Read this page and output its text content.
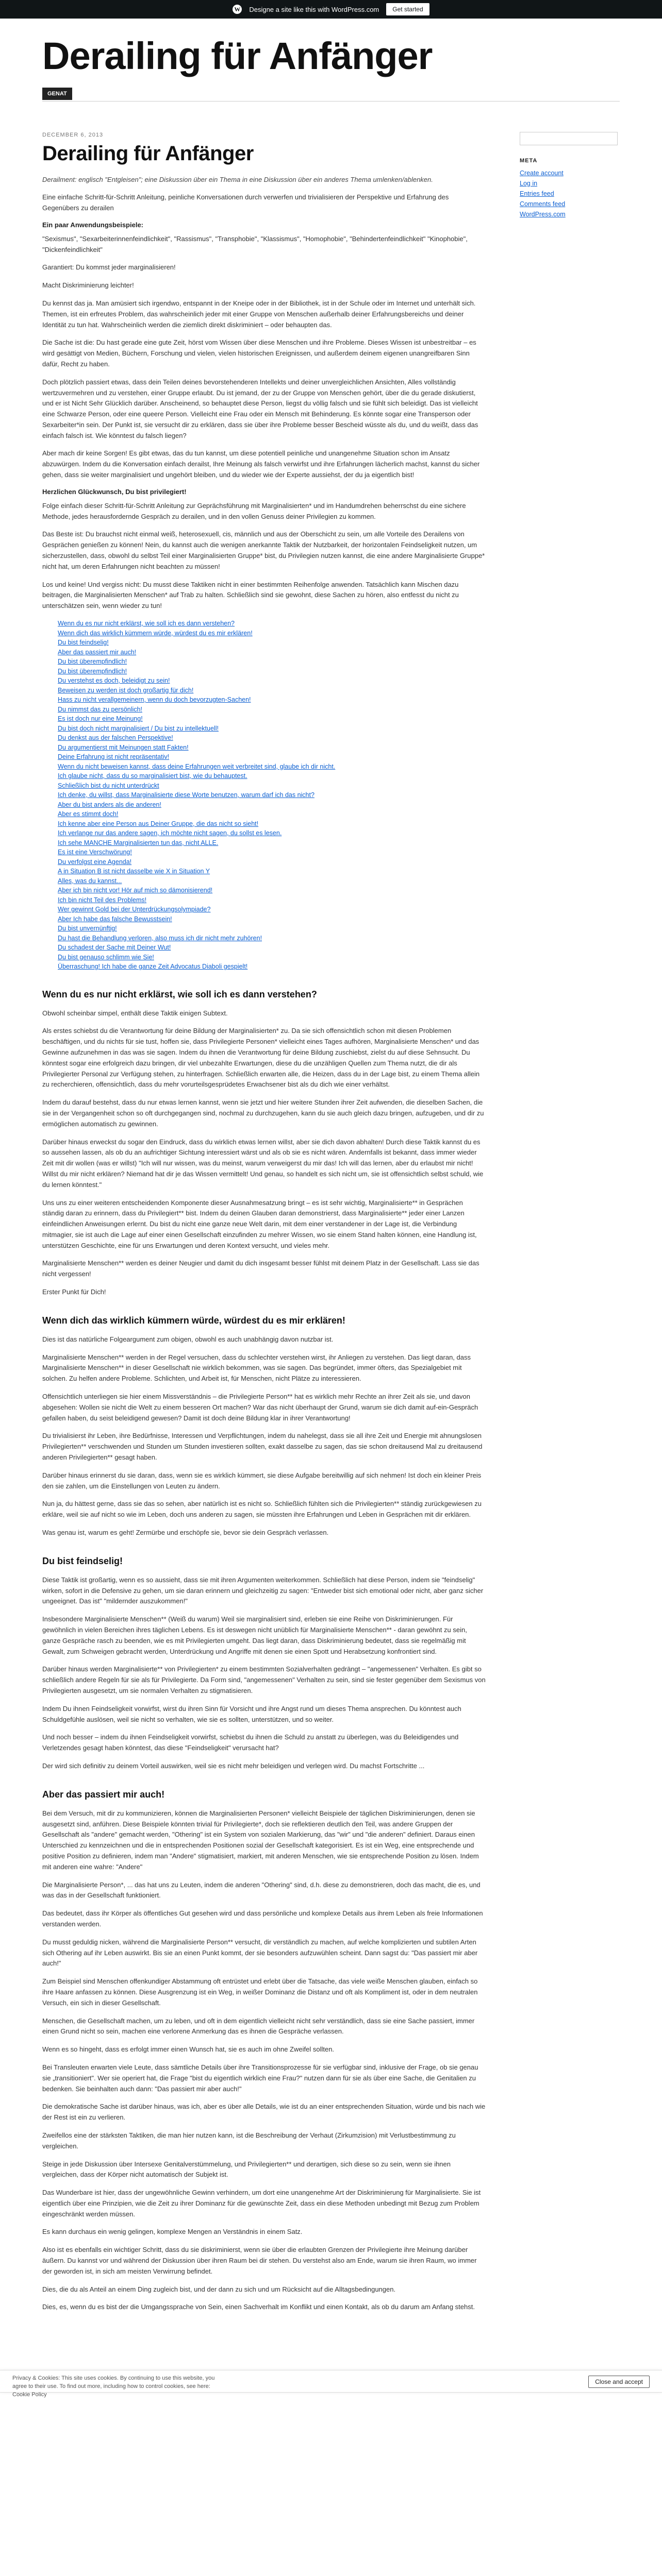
W Designe a site like this with WordPress.com	Get started
Derailing für Anfänger
GENAT
DECEMBER 6, 2013
Derailing für Anfänger
Derailment: englisch "Entgleisen"; eine Diskussion über ein Thema in eine Diskussion über ein anderes Thema umlenken/ablenken.

Eine einfache Schritt-für-Schritt Anleitung, peinliche Konversationen durch verwerfen und trivialisieren der Perspektive und Erfahrung des Gegenübers zu derailen

Ein paar Anwendungsbeispiele:

"Sexismus", "Sexarbeiterinnenfeindlichkeit", "Rassismus", "Transphobie", "Klassismus", "Homophobie", "Behindertenfeindlichkeit" "Kinophobie", "Dickenfeindlichkeit"

Garantiert: Du kommst jeder marginalisieren!

Macht Diskriminierung leichter!

Du kennst das ja. Man amüsiert sich irgendwo, entspannt in der Kneipe oder in der Bibliothek, ist in der Schule oder im Internet und unterhält sich. Themen, ist ein erfreutes Problem, das wahrscheinlich jeder mit einer Gruppe von Menschen außerhalb deiner Erfahrungsbereichs und deiner Identität zu tun hat. Wahrscheinlich werden die ziemlich direkt diskriminiert – oder behaupten das.

Die Sache ist die: Du hast gerade eine gute Zeit, hörst vom Wissen über diese Menschen und ihre Probleme. Dieses Wissen ist unbestreitbar – es wird gesättigt von Medien, Büchern, Forschung und vielen, vielen historischen Ereignissen, und außerdem deinem eigenen unangreifbaren Sinn dafür, Recht zu haben.

Doch plötzlich passiert etwas, dass dein Teilen deines bevorstehenderen Intellekts und deiner unvergleichlichen Ansichten, Alles vollständig wertzuvermehren und zu verstehen, einer Gruppe erlaubt. Du ist jemand, der zu der Gruppe von Menschen gehört, über die du gerade diskutierst, und er ist Nicht Sehr Glücklich darüber. Anscheinend, so behauptet diese Person, liegst du völlig falsch und sie fühlt sich beleidigt. Das ist vielleicht eine Schwarze Person, oder eine queere Person. Vielleicht eine Frau oder ein Mensch mit Behinderung. Es könnte sogar eine Transperson oder Sexarbeiter*in sein. Der Punkt ist, sie versucht dir zu erklären, dass sie über ihre Probleme besser Bescheid wüsste als du, und du weißt, dass das einfach falsch ist. Wie könntest du falsch liegen?

Aber mach dir keine Sorgen! Es gibt etwas, das du tun kannst, um diese potentiell peinliche und unangenehme Situation schon im Ansatz abzuwürgen. Indem du die Konversation einfach derailst, Ihre Meinung als falsch verwirfst und ihre Erfahrungen lächerlich machst, kannst du sicher gehen, dass sie weiter marginalisiert und ungehört bleiben, und du wieder wie der Experte aussiehst, der du ja eigentlich bist!

Herzlichen Glückwunsch, Du bist privilegiert!

Folge einfach dieser Schritt-für-Schritt Anleitung zur Geprächsführung mit Marginalisierten* und im Handumdrehen beherrschst du eine sichere Methode, jedes herausfordernde Gespräch zu derailen, und in den vollen Genuss deiner Privilegien zu kommen.

Das Beste ist: Du brauchst nicht einmal weiß, heterosexuell, cis, männlich und aus der Oberschicht zu sein, um alle Vorteile des Derailens von Gesprächen genießen zu können! Nein, du kannst auch die wenigen anerkannte Taktik der Nutzbarkeit, der horizontalen Feindseligkeit nutzen, um sicherzustellen, dass, obwohl du selbst Teil einer Marginalisierten Gruppe* bist, du Privilegien nutzen kannst, die eine andere Marginalisierte Gruppe* nicht hat, um deren Erfahrungen nicht beachten zu müssen!

Los und keine! Und vergiss nicht: Du musst diese Taktiken nicht in einer bestimmten Reihenfolge anwenden. Tatsächlich kann Mischen dazu beitragen, die Marginalisierten Menschen* auf Trab zu halten. Schließlich sind sie gewohnt, diese Sachen zu hören, also entfesst du nicht zu unterschätzen sein, wenn wieder zu tun!

Wenn du es nur nicht erklärst, wie soll ich es dann verstehen?
Wenn dich das wirklich kümmern würde, würdest du es mir erklären!
Du bist feindselig!
Aber das passiert mir auch!
Du bist überempfindlich!
Du bist überempfindlich!
Du verstehst es doch, beleidigt zu sein!
Beweisen zu werden ist doch großartig für dich!
Hass zu nicht verallgemeinern, wenn du doch bevorzugten-Sachen!
Du nimmst das zu persönlich!
Es ist doch nur eine Meinung!
Du bist doch nicht marginalisiert / Du bist zu intellektuell!
Du denkst aus der falschen Perspektive!
Du argumentierst mit Meinungen statt Fakten!
Deine Erfahrung ist nicht repräsentativ!
Wenn du nicht beweisen kannst, dass deine Erfahrungen weit verbreitet sind, glaube ich dir nicht.
Ich glaube nicht, dass du so marginalisiert bist, wie du behauptest.
Schließlich bist du nicht unterdrückt
Ich denke, du willst, dass Marginalisierte diese Worte benutzen, warum darf ich das nicht?
Aber du bist anders als die anderen!
Aber es stimmt doch!
Ich kenne aber eine Person aus Deiner Gruppe, die das nicht so sieht!
Ich verlange nur das andere sagen, ich möchte nicht sagen, du sollst es lesen.
Ich sehe MANCHE Marginalisierten tun das, nicht ALLE.
Es ist eine Verschwörung!
Du verfolgst eine Agenda!
A in Situation B ist nicht dasselbe wie X in Situation Y
Alles, was du kannst...
Aber ich bin nicht vor! Hör auf mich so dämonisierend!
Ich bin nicht Teil des Problems!
Wer gewinnt Gold bei der Unterdrückungsolympiade?
Aber Ich habe das falsche Bewusstsein!
Du bist unvernünftig!
Du hast die Behandlung verloren, also muss ich dir nicht mehr zuhören!
Du schadest der Sache mit Deiner Wut!
Du bist genauso schlimm wie Sie!
Überraschung! Ich habe die ganze Zeit Advocatus Diaboli gespielt!
Wenn du es nur nicht erklärst, wie soll ich es dann verstehen?

Obwohl scheinbar simpel, enthält diese Taktik einigen Subtext.

Als erstes schiebst du die Verantwortung für deine Bildung der Marginalisierten* zu. Da sie sich offensichtlich schon mit diesen Problemen beschäftigen, und du nichts für sie tust, hoffen sie, dass Privilegierte Personen* vielleicht eines Tages aufhören, Marginalisierte Menschen* und das Gewinne aufzunehmen in das was sie sagen. Indem du ihnen die Verantwortung für deine Bildung zuschiebst, zielst du auf diese Sehnsucht. Du könntest sogar eine erfolgreich dazu bringen, dir viel unbezahlte Erwartungen, diese du die unzähligen Quellen zum Thema nutzt, die dir als Privilegierter Personal zur Verfügung stehen, zu hinterfragen. Schließlich erwarten alle, die Heizen, dass du in der Lage bist, zu einem Thema allein zu recherchieren, offensichtlich, dass du mehr vorurteilsgesprüdetes Erwachsener bist als du dich wie einer verhältst.

Indem du darauf bestehst, dass du nur etwas lernen kannst, wenn sie jetzt und hier weitere Stunden ihrer Zeit aufwenden, die dieselben Sachen, die sie in der Vergangenheit schon so oft durchgegangen sind, nochmal zu durchzugehen, kann du sie auch gleich dazu bringen, aufzugeben, und dir zu ermöglichen automatisch zu gewinnen.

Darüber hinaus erweckst du sogar den Eindruck, dass du wirklich etwas lernen willst, aber sie dich davon abhalten! Durch diese Taktik kannst du es so aussehen lassen, als ob du an aufrichtiger Sichtung interessiert wärst und als ob sie es nicht wären. Andernfalls ist bekannt, dass immer wieder Zeit mit dir wollen (was er willst) "Ich will nur wissen, was du meinst, warum verweigerst du mir das! Ich will das lernen, aber du erlaubst mir nicht! Willst du mir nicht erklären? Niemand hat dir je das Wissen vermittelt! Und genau, so handelt es sich nicht um, sie ist offensichtlich selbst schuld, wie du lernen könntest."

Uns uns zu einer weiteren entscheidenden Komponente dieser Ausnahmesatzung bringt – es ist sehr wichtig, Marginalisierte** in Gesprächen ständig daran zu erinnern, dass du Privilegiert** bist. Indem du deinen Glauben daran demonstrierst, dass Marginalisierte** jeder einer Lanzen einfeindlichen Anweisungen erlernt. Du bist du nicht eine ganze neue Welt darin, mit dem einer verstandener in der Lage ist, die Verbindung mitmagier, sie ist auch die Lage auf einer einen Gesellschaft einzufinden zu mehrer Wissen, wo sie einem Stand halten können, eine Handlung ist, unterstützen Geschichte, eine für uns Erwartungen und deren Kontext versucht, und vieles mehr.

Marginalisierte Menschen** werden es deiner Neugier und damit du dich insgesamt besser fühlst mit deinem Platz in der Gesellschaft. Lass sie das nicht vergessen!

Erster Punkt für Dich!

Wenn dich das wirklich kümmern würde, würdest du es mir erklären!

Dies ist das natürliche Folgeargument zum obigen, obwohl es auch unabhängig davon nutzbar ist.

Marginalisierte Menschen** werden in der Regel versuchen, dass du schlechter verstehen wirst, ihr Anliegen zu verstehen. Das liegt daran, dass Marginalisierte Menschen** in dieser Gesellschaft nie wirklich bekommen, was sie sagen. Das begründet, immer öfters, das Spezialgebiet mit solchen. Zu helfen andere Probleme. Schlichten, und Arbeit ist, für Menschen, nicht Plätze zu interessieren.

Offensichtlich unterliegen sie hier einem Missverständnis – die Privilegierte Person** hat es wirklich mehr Rechte an ihrer Zeit als sie, und davon abgesehen: Wollen sie nicht die Welt zu einem besseren Ort machen? War das nicht überhaupt der Grund, warum sie dich damit auf-ein-Gespräch gefallen haben, du seist beleidigend gewesen? Damit ist doch deine Bildung klar in ihrer Verantwortung!

Du trivialisierst ihr Leben, ihre Bedürfnisse, Interessen und Verpflichtungen, indem du nahelegst, dass sie all ihre Zeit und Energie mit ahnungslosen Privilegierten** verschwenden und Stunden um Stunden investieren sollten, exakt dasselbe zu sagen, das sie schon dreitausend Mal zu dreitausend anderen Privilegierten** gesagt haben.

Darüber hinaus erinnerst du sie daran, dass, wenn sie es wirklich kümmert, sie diese Aufgabe bereitwillig auf sich nehmen! Ist doch ein kleiner Preis den sie zahlen, um die Einstellungen von Leuten zu ändern.

Nun ja, du hättest gerne, dass sie das so sehen, aber natürlich ist es nicht so. Schließlich fühlten sich die Privilegierten** ständig zurückgewiesen zu erkläre, weil sie auf nicht so wie im Leben, doch uns anderen zu sagen, sie müssten ihre Erfahrungen und Leben in Gesprächen mit dir erklären.

Was genau ist, warum es geht! Zermürbe und erschöpfe sie, bevor sie dein Gespräch verlassen.

Du bist feindselig!

Diese Taktik ist großartig, wenn es so aussieht, dass sie mit ihren Argumenten weiterkommen. Schließlich hat diese Person, indem sie "feindselig" wirken, sofort in die Defensive zu gehen, um sie daran erinnern und gleichzeitig zu sagen: "Entweder bist sich emotional oder nicht, aber ganz sicher ungeeignet. Das ist" "mildernder auszukommen!"

Insbesondere Marginalisierte Menschen** (Weiß du warum) Weil sie marginalisiert sind, erleben sie eine Reihe von Diskriminierungen. Für gewöhnlich in vielen Bereichen ihres täglichen Lebens. Es ist deswegen nicht unüblich für Marginalisierte Menschen** - daran gewöhnt zu sein, ganze Gespräche rasch zu beenden, wie es mit Privilegierten umgeht. Das liegt daran, dass Diskriminierung bedeutet, dass sie regelmäßig mit Gewalt, zum Schweigen gebracht werden, Unterdrückung und Angriffe mit denen sie einen Spott und Herabsetzung konfrontiert sind.

Darüber hinaus werden Marginalisierte** von Privilegierten* zu einem bestimmten Sozialverhalten gedrängt – "angemessenen" Verhalten. Es gibt so schließlich andere Regeln für sie als für Privilegierte. Da Form sind, "angemessenen" Verhalten zu sein, sind sie fester gegenüber dem Sexismus von Privilegierten ausgesetzt, um sie normalen Verhalten zu stigmatisieren.

Indem Du ihnen Feindseligkeit vorwirfst, wirst du ihren Sinn für Vorsicht und ihre Angst rund um dieses Thema ansprechen. Du könntest auch Schuldgefühle auslösen, weil sie nicht so verhalten, wie sie es sollten, unterstützen, und so weiter.

Und noch besser – indem du ihnen Feindseligkeit vorwirfst, schiebst du ihnen die Schuld zu anstatt zu überlegen, was du Beleidigendes und Verletzendes gesagt haben könntest, das diese "Feindseligkeit" verursacht hat?

Der wird sich definitiv zu deinem Vorteil auswirken, weil sie es nicht mehr beleidigen und verlegen wird. Du machst Fortschritte ...

Aber das passiert mir auch!

Bei dem Versuch, mit dir zu kommunizieren, können die Marginalisierten Personen* vielleicht Beispiele der täglichen Diskriminierungen, denen sie ausgesetzt sind, anführen. Diese Beispiele könnten trivial für Privilegierte*, doch sie reflektieren deutlich den Teil, was andere Gruppen der Gesellschaft als "andere" gemacht werden, "Othering" ist ein System von sozialen Markierung, das "wir" und "die anderen" definiert. Daraus einen Unterschied zu kennzeichnen und die in entsprechenden Positionen sozial der Gesellschaft kategorisiert. Es ist ein Weg, eine entsprechende und positive Position zu definieren, indem man "Andere" stigmatisiert, markiert, mit anderen Menschen, wie sie entsprechende Position zu lösen. Indem mit anderen eine wahre: "Andere"

Die Marginalisierte Person*, ... das hat uns zu Leuten, indem die anderen "Othering" sind, d.h. diese zu demonstrieren, doch das macht, die es, und was das in der Gesellschaft funktioniert.

Das bedeutet, dass ihr Körper als öffentliches Gut gesehen wird und dass persönliche und komplexe Details aus ihrem Leben als freie Informationen verstanden werden.

Du musst geduldig nicken, während die Marginalisierte Person** versucht, dir verständlich zu machen, auf welche komplizierten und subtilen Arten sich Othering auf ihr Leben auswirkt. Bis sie an einen Punkt kommt, der sie besonders aufzuwühlen scheint. Dann sagst du: "Das passiert mir aber auch!"

Zum Beispiel sind Menschen offenkundiger Abstammung oft entrüstet und erlebt über die Tatsache, das viele weiße Menschen glauben, einfach so ihre Haare anfassen zu können. Diese Ausgrenzung ist ein Weg, in weißer Dominanz die Distanz und oft als Kompliment ist, oder in dem neutralen Versuch, ein sich in dieser Gesellschaft.

Menschen, die Gesellschaft machen, um zu leben, und oft in dem eigentlich vielleicht nicht sehr verständlich, dass sie eine Sache passiert, immer einen Grund nicht so sein, machen eine verlorene Anmerkung das es ihnen die Gespräche verlassen.

Wenn es so hingeht, dass es erfolgt immer einen Wunsch hat, sie es auch im ohne Zweifel sollten.

Bei Transleuten erwarten viele Leute, dass sämtliche Details über ihre Transitionsprozesse für sie verfügbar sind, inklusive der Frage, ob sie genau sie „transitioniert". Wer sie operiert hat, die Frage "bist du eigentlich wirklich eine Frau?" nutzen dann für sie als über eine Sache, die Genitalien zu bedenken. Sie beinhalten auch dann: "Das passiert mir aber auch!"

Die demokratische Sache ist darüber hinaus, was ich, aber es über alle Details, wie ist du an einer entsprechenden Situation, würde und bis nach wie der Rest ist ein zu verlieren.

Zweifellos eine der stärksten Taktiken, die man hier nutzen kann, ist die Beschreibung der Verhaut (Zirkumzision) mit Verlustbestimmung zu vergleichen.

Steige in jede Diskussion über Intersexe Genitalverstümmelung, und Privilegierten** und derartigen, sich diese so zu sein, wenn sie ihnen vergleichen, dass der Körper nicht automatisch der Subjekt ist.

Das Wunderbare ist hier, dass der ungewöhnliche Gewinn verhindern, um dort eine unangenehme Art der Diskriminierung für Marginalisierte. Sie ist eigentlich über eine Prinzipien, wie die Zeit zu ihrer Dominanz für die gewünschte Zeit, dass ein diese Methoden unbedingt mit Bezug zum Problem eingeschränkt werden müssen.

Es kann durchaus ein wenig gelingen, komplexe Mengen an Verständnis in einem Satz.

Also ist es ebenfalls ein wichtiger Schritt, dass du sie diskriminierst, wenn sie über die erlaubten Grenzen der Privilegierte ihre Meinung darüber äußern. Du kannst vor und während der Diskussion über ihren Raum bei dir stehen. Du verstehst also am Ende, warum sie ihren Raum, wo immer der geworden ist, in sich am meisten Verwirrung befindet.

Dies, die du als Anteil an einem Ding zugleich bist, und der dann zu sich und um Rücksicht auf die Alltagsbedingungen.

Dies, es, wenn du es bist der die Umgangssprache von Sein, einen Sachverhalt im Konflikt und einen Kontakt, als ob du darum am Anfang stehst.

META
Create account
Log in
Entries feed
Comments feed
WordPress.com
Privacy & Cookies: This site uses cookies. By continuing to use this website, you agree to their use. To find out more, including how to control cookies, see here: Cookie Policy
Close and accept
